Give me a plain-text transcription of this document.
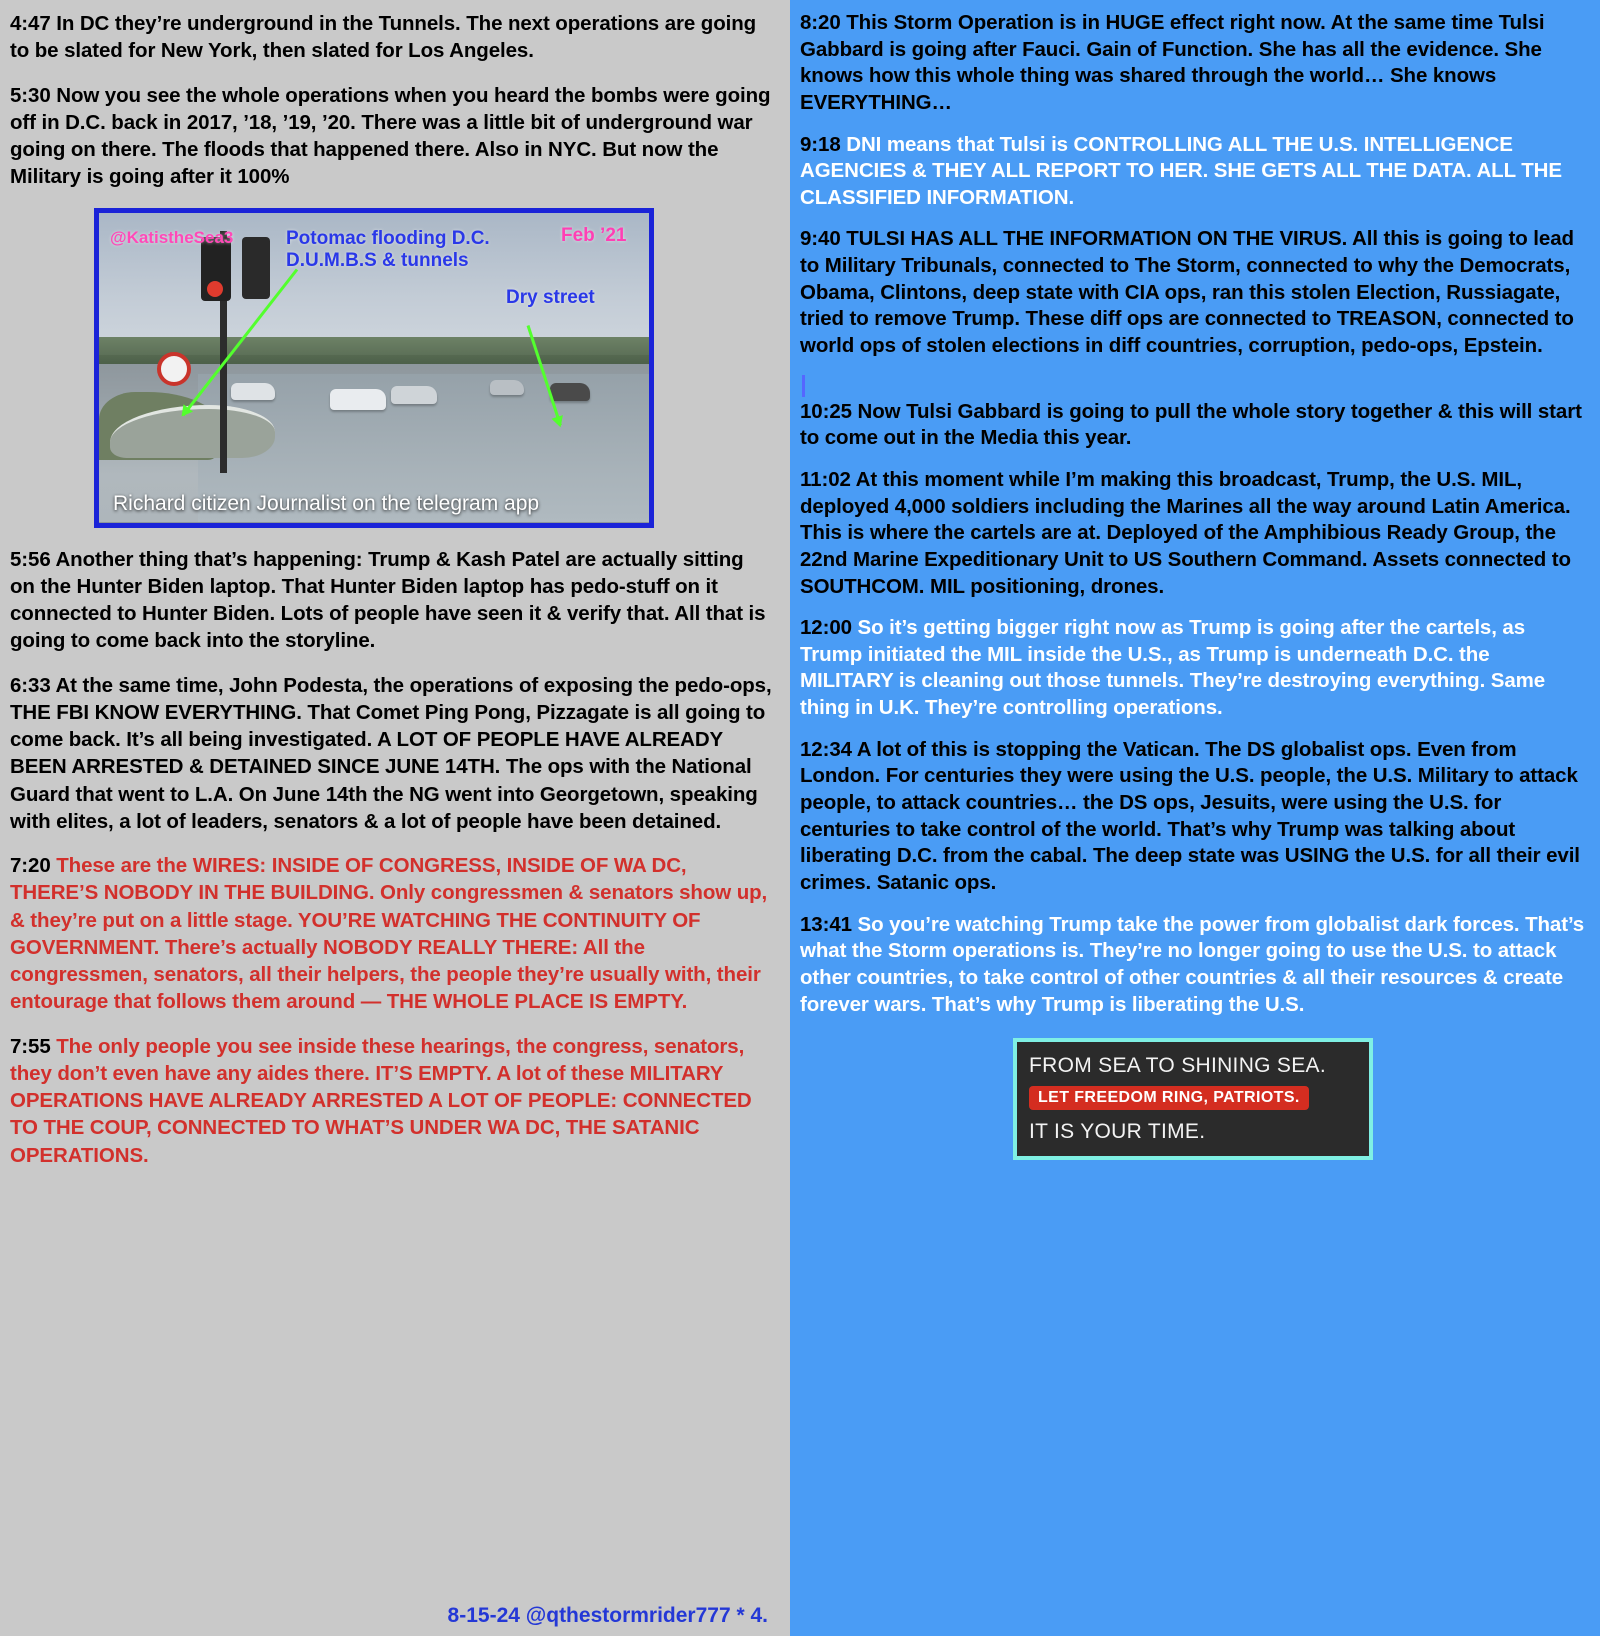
4:47 In DC they’re underground in the Tunnels. The next operations are going to be slated for New York, then slated for Los Angeles.

5:30 Now you see the whole operations when you heard the bombs were going off in D.C. back in 2017, ’18, ’19, ’20. There was a little bit of underground war going on there. The floods that happened there. Also in NYC. But now the Military is going after it 100%

@KatistheSea3	Potomac flooding D.C.
D.U.M.B.S & tunnels
Dry street
Feb ’21
Richard citizen Journalist on the telegram app

5:56 Another thing that’s happening: Trump & Kash Patel are actually sitting on the Hunter Biden laptop. That Hunter Biden laptop has pedo-stuff on it connected to Hunter Biden. Lots of people have seen it & verify that. All that is going to come back into the storyline.

6:33 At the same time, John Podesta, the operations of exposing the pedo-ops, THE FBI KNOW EVERYTHING. That Comet Ping Pong, Pizzagate is all going to come back. It’s all being investigated. A LOT OF PEOPLE HAVE ALREADY BEEN ARRESTED & DETAINED SINCE JUNE 14TH. The ops with the National Guard that went to L.A. On June 14th the NG went into Georgetown, speaking with elites, a lot of leaders, senators & a lot of people have been detained.

7:20 These are the WIRES: INSIDE OF CONGRESS, INSIDE OF WA DC, THERE’S NOBODY IN THE BUILDING. Only congressmen & senators show up, & they’re put on a little stage. YOU’RE WATCHING THE CONTINUITY OF GOVERNMENT. There’s actually NOBODY REALLY THERE: All the congressmen, senators, all their helpers, the people they’re usually with, their entourage that follows them around — THE WHOLE PLACE IS EMPTY.

7:55 The only people you see inside these hearings, the congress, senators, they don’t even have any aides there. IT’S EMPTY. A lot of these MILITARY OPERATIONS HAVE ALREADY ARRESTED A LOT OF PEOPLE: CONNECTED TO THE COUP, CONNECTED TO WHAT’S UNDER WA DC, THE SATANIC OPERATIONS.

8-15-24 @qthestormrider777 * 4.

8:20 This Storm Operation is in HUGE effect right now. At the same time Tulsi Gabbard is going after Fauci. Gain of Function. She has all the evidence. She knows how this whole thing was shared through the world… She knows EVERYTHING…

9:18 DNI means that Tulsi is CONTROLLING ALL THE U.S. INTELLIGENCE AGENCIES & THEY ALL REPORT TO HER. SHE GETS ALL THE DATA. ALL THE CLASSIFIED INFORMATION.

9:40 TULSI HAS ALL THE INFORMATION ON THE VIRUS. All this is going to lead to Military Tribunals, connected to The Storm, connected to why the Democrats, Obama, Clintons, deep state with CIA ops, ran this stolen Election, Russiagate, tried to remove Trump. These diff ops are connected to TREASON, connected to world ops of stolen elections in diff countries, corruption, pedo-ops, Epstein.

10:25 Now Tulsi Gabbard is going to pull the whole story together & this will start to come out in the Media this year.

11:02 At this moment while I’m making this broadcast, Trump, the U.S. MIL, deployed 4,000 soldiers including the Marines all the way around Latin America. This is where the cartels are at. Deployed of the Amphibious Ready Group, the 22nd Marine Expeditionary Unit to US Southern Command. Assets connected to SOUTHCOM. MIL positioning, drones.

12:00 So it’s getting bigger right now as Trump is going after the cartels, as Trump initiated the MIL inside the U.S., as Trump is underneath D.C. the MILITARY is cleaning out those tunnels. They’re destroying everything. Same thing in U.K. They’re controlling operations.

12:34 A lot of this is stopping the Vatican. The DS globalist ops. Even from London. For centuries they were using the U.S. people, the U.S. Military to attack people, to attack countries… the DS ops, Jesuits, were using the U.S. for centuries to take control of the world. That’s why Trump was talking about liberating D.C. from the cabal. The deep state was USING the U.S. for all their evil crimes. Satanic ops.

13:41 So you’re watching Trump take the power from globalist dark forces. That’s what the Storm operations is. They’re no longer going to use the U.S. to attack other countries, to take control of other countries & all their resources & create forever wars. That’s why Trump is liberating the U.S.

FROM SEA TO SHINING SEA.
LET FREEDOM RING, PATRIOTS.
IT IS YOUR TIME.
